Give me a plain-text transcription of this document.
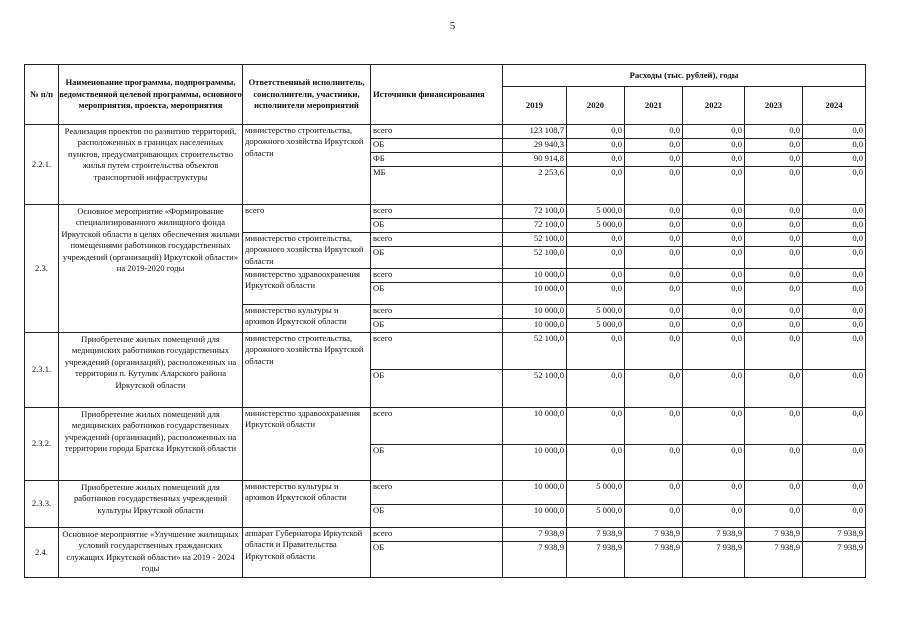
5
№ п/п	Наименование программы, подпрограммы, ведомственной целевой программы, основного мероприятия, проекта, мероприятия	Ответственный исполнитель, соисполнители, участники, исполнители мероприятий	Источники финансирования	Расходы (тыс. рублей), годы					
				2019	2020	2021	2022	2023	2024
2.2.1.	Реализация проектов по развитию территорий, расположенных в границах населенных пунктов, предусматривающих строительство жилья путем строительства объектов транспортной инфраструктуры	министерство строительства, дорожного хозяйства Иркутской области	всего	123 108,7	0,0	0,0	0,0	0,0	0,0
			ОБ	29 940,3	0,0	0,0	0,0	0,0	0,0
			ФБ	90 914,8	0,0	0,0	0,0	0,0	0,0
			МБ	2 253,6	0,0	0,0	0,0	0,0	0,0
2.3.	Основное мероприятие «Формирование специализированного жилищного фонда Иркутской области в целях обеспечения жильми помещениями работников государственных учреждений (организаций) Иркутской области» на 2019-2020 годы	всего	всего	72 100,0	5 000,0	0,0	0,0	0,0	0,0
			ОБ	72 100,0	5 000,0	0,0	0,0	0,0	0,0
		министерство строительства, дорожного хозяйства Иркутской области	всего	52 100,0	0,0	0,0	0,0	0,0	0,0
			ОБ	52 100,0	0,0	0,0	0,0	0,0	0,0
		министерство здравоохранения Иркутской области	всего	10 000,0	0,0	0,0	0,0	0,0	0,0
			ОБ	10 000,0	0,0	0,0	0,0	0,0	0,0
		министерство культуры и архивов Иркутской области	всего	10 000,0	5 000,0	0,0	0,0	0,0	0,0
			ОБ	10 000,0	5 000,0	0,0	0,0	0,0	0,0
2.3.1.	Приобретение жилых помещений для медицинских работников государственных учреждений (организаций), расположенных на территории п. Кутулик Аларского района Иркутской области	министерство строительства, дорожного хозяйства Иркутской области	всего	52 100,0	0,0	0,0	0,0	0,0	0,0
			ОБ	52 100,0	0,0	0,0	0,0	0,0	0,0
2.3.2.	Приобретение жилых помещений для медицинских работников государственных учреждений (организаций), расположенных на территории города Братска Иркутской области	министерство здравоохранения Иркутской области	всего	10 000,0	0,0	0,0	0,0	0,0	0,0
			ОБ	10 000,0	0,0	0,0	0,0	0,0	0,0
2.3.3.	Приобретение жилых помещений для работников государственных учреждений культуры Иркутской области	министерство культуры и архивов Иркутской области	всего	10 000,0	5 000,0	0,0	0,0	0,0	0,0
			ОБ	10 000,0	5 000,0	0,0	0,0	0,0	0,0
2.4.	Основное мероприятие «Улучшение жилищных условий государственных гражданских служащих Иркутской области» на 2019 - 2024 годы	аппарат Губернатора Иркутской области и Правительства Иркутской области	всего	7 938,9	7 938,9	7 938,9	7 938,9	7 938,9	7 938,9
			ОБ	7 938,9	7 938,9	7 938,9	7 938,9	7 938,9	7 938,9
